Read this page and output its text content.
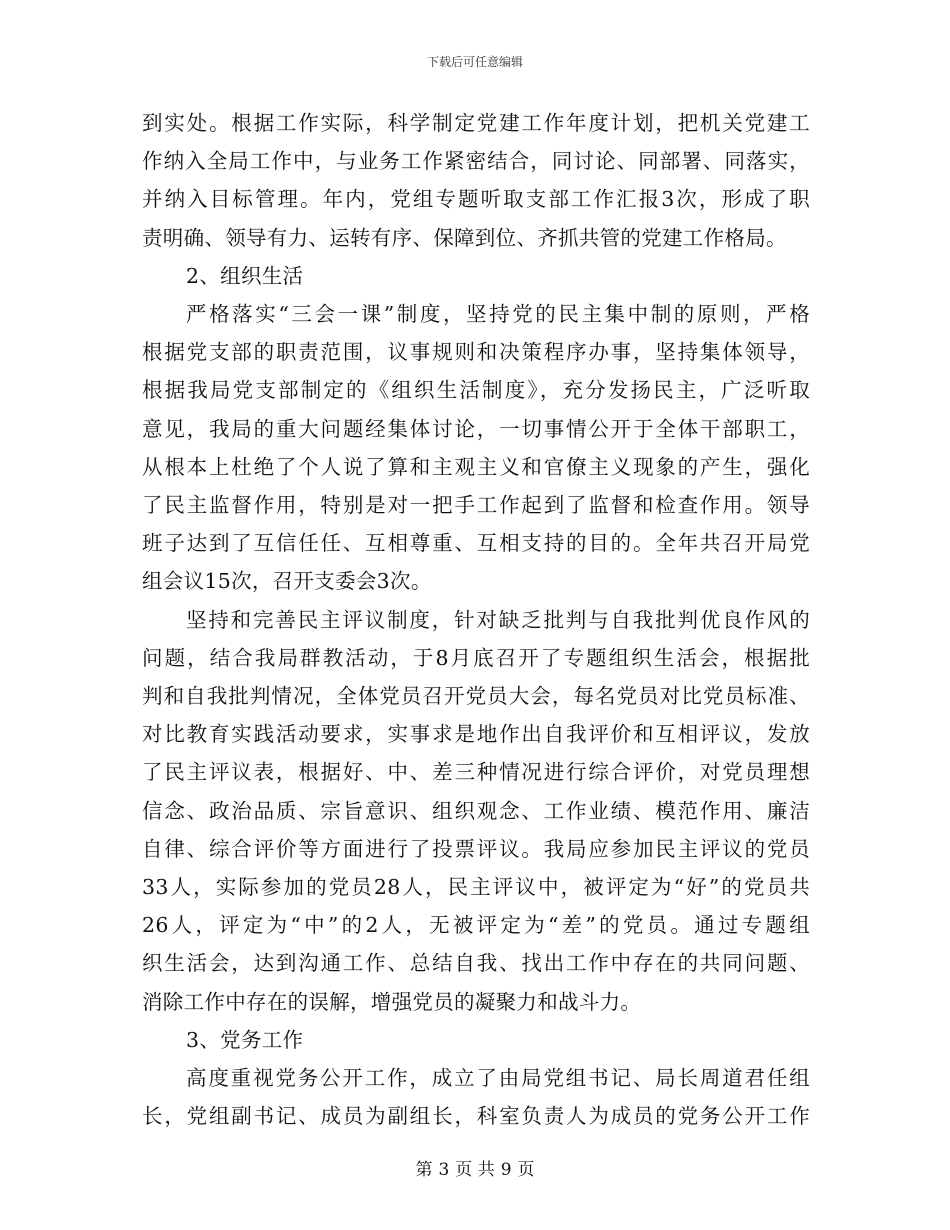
下载后可任意编辑
到实处。根据工作实际，科学制定党建工作年度计划，把机关党建工
作纳入全局工作中，与业务工作紧密结合，同讨论、同部署、同落实，
并纳入目标管理。年内，党组专题听取支部工作汇报3次，形成了职
责明确、领导有力、运转有序、保障到位、齐抓共管的党建工作格局。
2、组织生活
严格落实“三会一课”制度，坚持党的民主集中制的原则，严格
根据党支部的职责范围，议事规则和决策程序办事，坚持集体领导，
根据我局党支部制定的《组织生活制度》，充分发扬民主，广泛听取
意见，我局的重大问题经集体讨论，一切事情公开于全体干部职工，
从根本上杜绝了个人说了算和主观主义和官僚主义现象的产生，强化
了民主监督作用，特别是对一把手工作起到了监督和检查作用。领导
班子达到了互信任任、互相尊重、互相支持的目的。全年共召开局党
组会议15次，召开支委会3次。
坚持和完善民主评议制度，针对缺乏批判与自我批判优良作风的
问题，结合我局群教活动，于8月底召开了专题组织生活会，根据批
判和自我批判情况，全体党员召开党员大会，每名党员对比党员标准、
对比教育实践活动要求，实事求是地作出自我评价和互相评议，发放
了民主评议表，根据好、中、差三种情况进行综合评价，对党员理想
信念、政治品质、宗旨意识、组织观念、工作业绩、模范作用、廉洁
自律、综合评价等方面进行了投票评议。我局应参加民主评议的党员
33人，实际参加的党员28人，民主评议中，被评定为“好”的党员共
26人，评定为“中”的2人，无被评定为“差”的党员。通过专题组
织生活会，达到沟通工作、总结自我、找出工作中存在的共同问题、
消除工作中存在的误解，增强党员的凝聚力和战斗力。
3、党务工作
高度重视党务公开工作，成立了由局党组书记、局长周道君任组
长，党组副书记、成员为副组长，科室负责人为成员的党务公开工作
第 3 页 共 9 页
